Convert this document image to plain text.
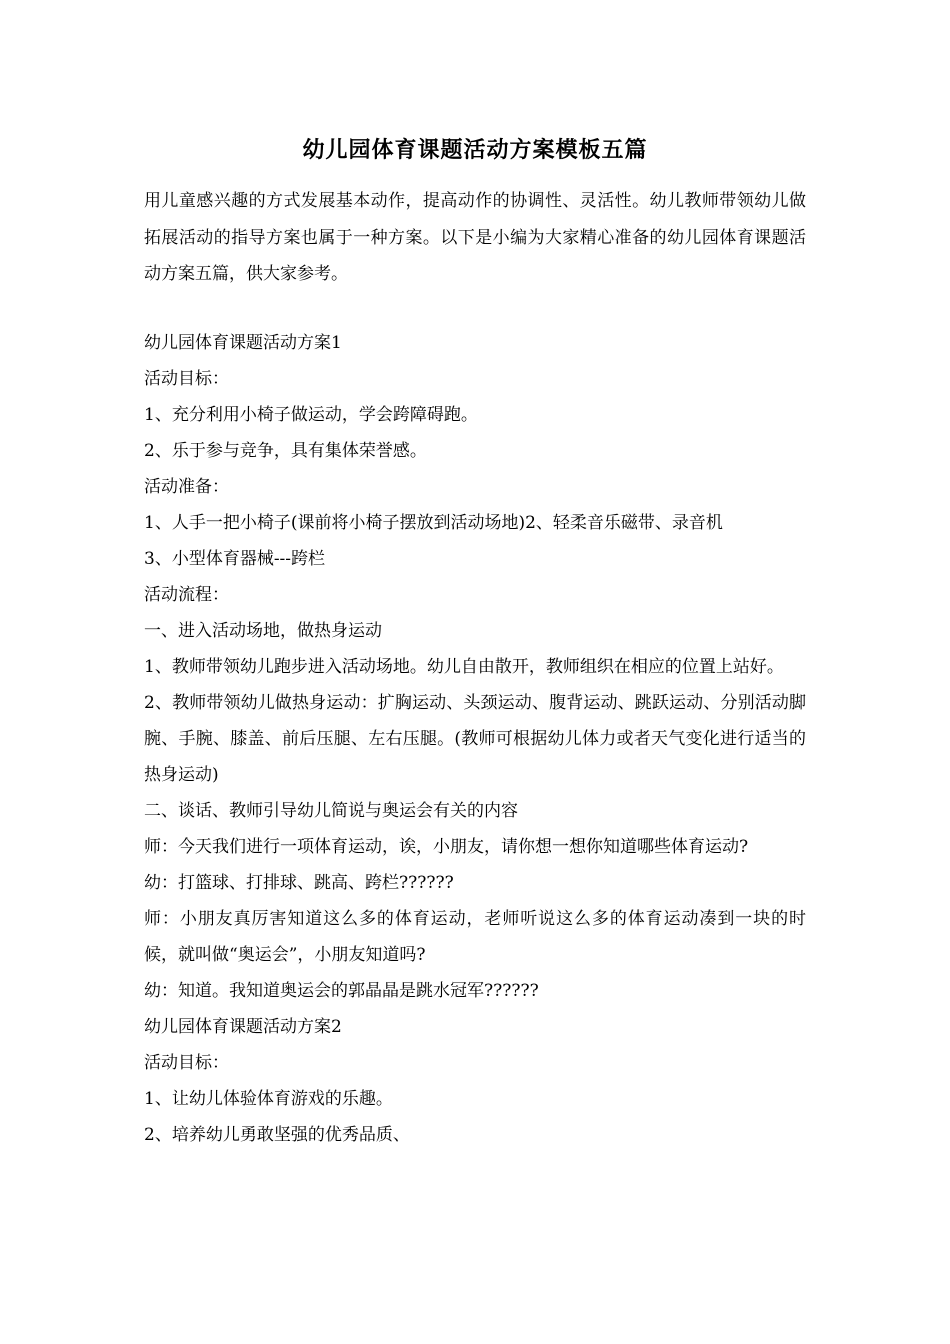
幼儿园体育课题活动方案模板五篇
用儿童感兴趣的方式发展基本动作，提高动作的协调性、灵活性。幼儿教师带领幼儿做拓展活动的指导方案也属于一种方案。以下是小编为大家精心准备的幼儿园体育课题活动方案五篇，供大家参考。

幼儿园体育课题活动方案1

活动目标：

1、充分利用小椅子做运动，学会跨障碍跑。

2、乐于参与竞争，具有集体荣誉感。

活动准备：

1、人手一把小椅子(课前将小椅子摆放到活动场地)2、轻柔音乐磁带、录音机

3、小型体育器械---跨栏

活动流程：

一、进入活动场地，做热身运动

1、教师带领幼儿跑步进入活动场地。幼儿自由散开，教师组织在相应的位置上站好。

2、教师带领幼儿做热身运动：扩胸运动、头颈运动、腹背运动、跳跃运动、分别活动脚腕、手腕、膝盖、前后压腿、左右压腿。(教师可根据幼儿体力或者天气变化进行适当的热身运动)

二、谈话、教师引导幼儿简说与奥运会有关的内容

师：今天我们进行一项体育运动，诶，小朋友，请你想一想你知道哪些体育运动?

幼：打篮球、打排球、跳高、跨栏??????

师：小朋友真厉害知道这么多的体育运动，老师听说这么多的体育运动凑到一块的时候，就叫做“奥运会”，小朋友知道吗?

幼：知道。我知道奥运会的郭晶晶是跳水冠军??????

幼儿园体育课题活动方案2

活动目标：

1、让幼儿体验体育游戏的乐趣。

2、培养幼儿勇敢坚强的优秀品质、
